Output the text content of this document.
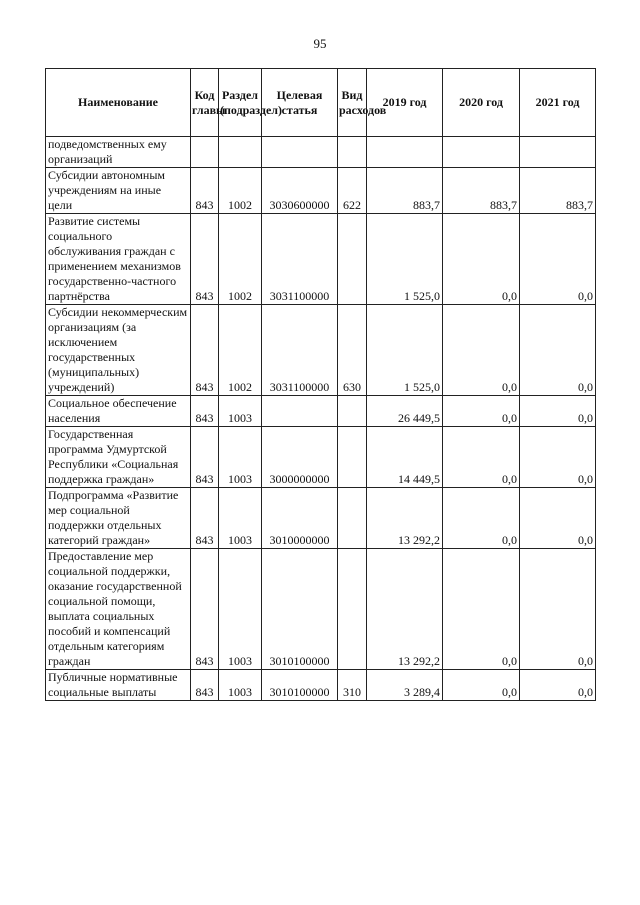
95
Наименование	Код главы	Раздел (подраздел)	Целевая статья	Вид расходов	2019 год	2020 год	2021 год
подведомственных ему организаций							
Субсидии автономным учреждениям на иные цели	843	1002	3030600000	622	883,7	883,7	883,7
Развитие системы социального обслуживания граждан с применением механизмов государственно-частного партнёрства	843	1002	3031100000		1 525,0	0,0	0,0
Субсидии некоммерческим организациям (за исключением государственных (муниципальных) учреждений)	843	1002	3031100000	630	1 525,0	0,0	0,0
Социальное обеспечение населения	843	1003			26 449,5	0,0	0,0
Государственная программа Удмуртской Республики «Социальная поддержка граждан»	843	1003	3000000000		14 449,5	0,0	0,0
Подпрограмма «Развитие мер социальной поддержки отдельных категорий граждан»	843	1003	3010000000		13 292,2	0,0	0,0
Предоставление мер социальной поддержки, оказание государственной социальной помощи, выплата социальных пособий и компенсаций отдельным категориям граждан	843	1003	3010100000		13 292,2	0,0	0,0
Публичные нормативные социальные выплаты	843	1003	3010100000	310	3 289,4	0,0	0,0
